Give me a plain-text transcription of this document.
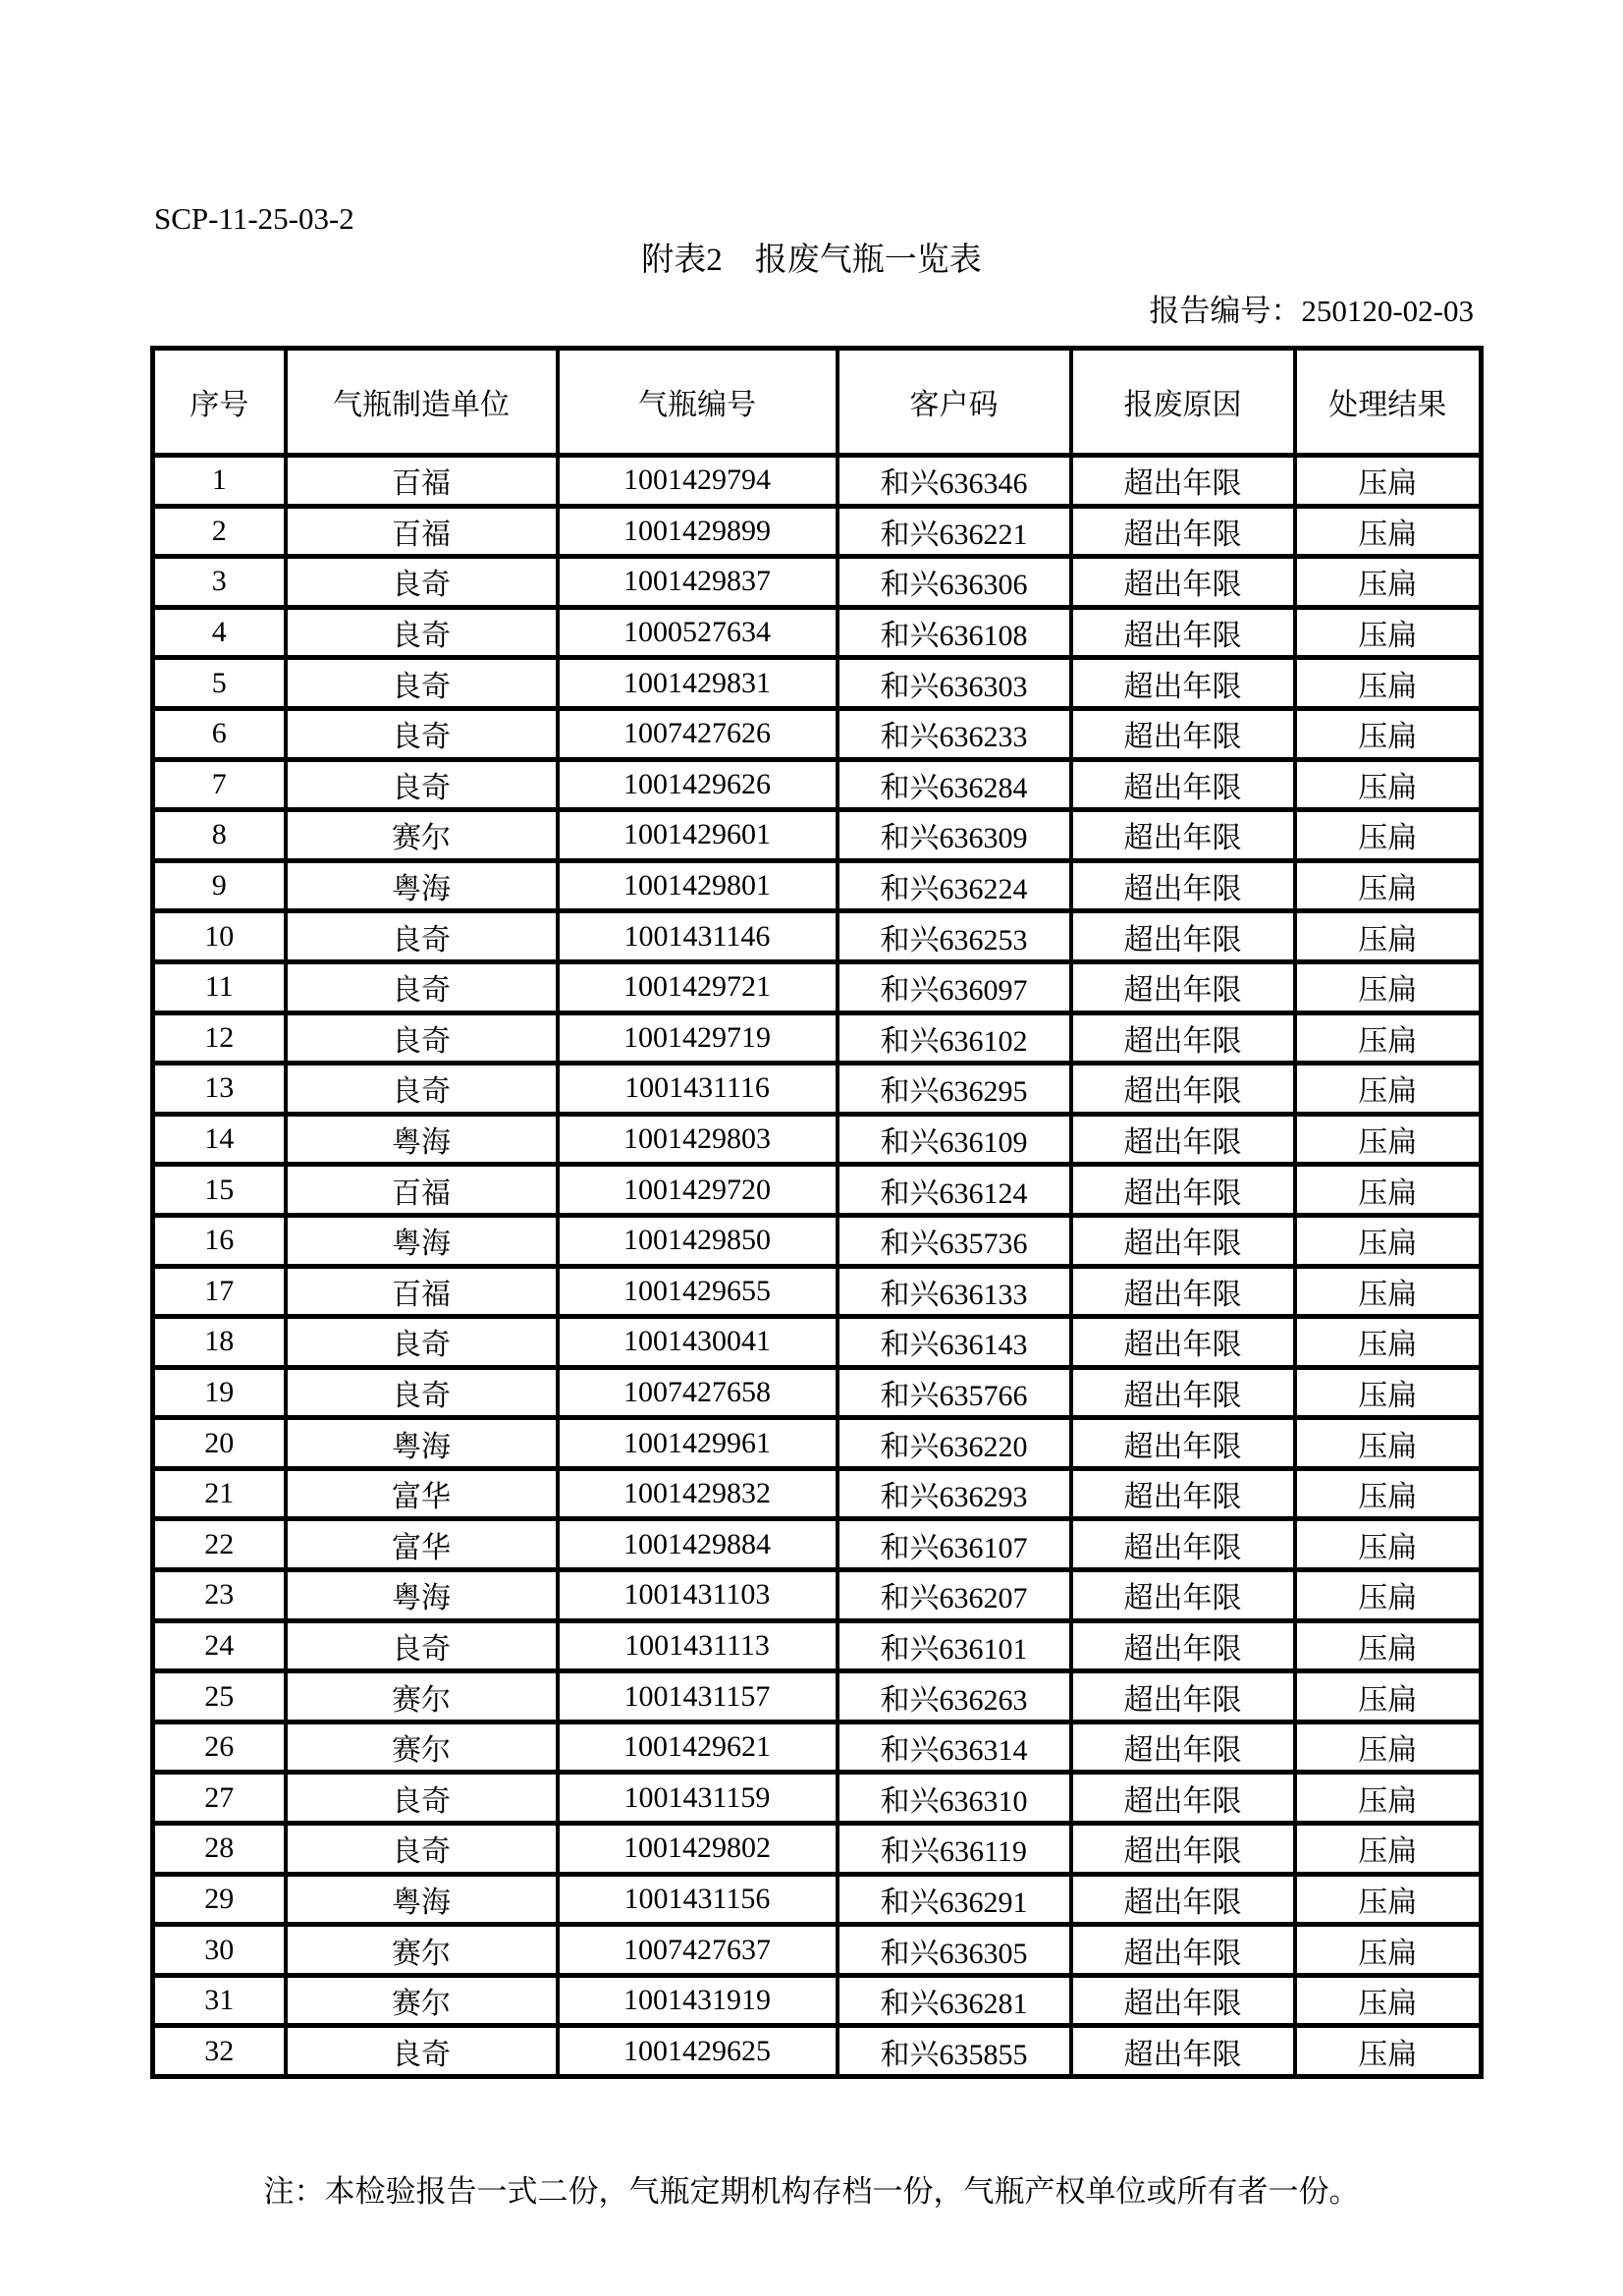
SCP-11-25-03-2
附表2　报废气瓶一览表
报告编号：250120-02-03
序号	气瓶制造单位	气瓶编号	客户码	报废原因	处理结果
1	百福	1001429794	和兴636346	超出年限	压扁
2	百福	1001429899	和兴636221	超出年限	压扁
3	良奇	1001429837	和兴636306	超出年限	压扁
4	良奇	1000527634	和兴636108	超出年限	压扁
5	良奇	1001429831	和兴636303	超出年限	压扁
6	良奇	1007427626	和兴636233	超出年限	压扁
7	良奇	1001429626	和兴636284	超出年限	压扁
8	赛尔	1001429601	和兴636309	超出年限	压扁
9	粤海	1001429801	和兴636224	超出年限	压扁
10	良奇	1001431146	和兴636253	超出年限	压扁
11	良奇	1001429721	和兴636097	超出年限	压扁
12	良奇	1001429719	和兴636102	超出年限	压扁
13	良奇	1001431116	和兴636295	超出年限	压扁
14	粤海	1001429803	和兴636109	超出年限	压扁
15	百福	1001429720	和兴636124	超出年限	压扁
16	粤海	1001429850	和兴635736	超出年限	压扁
17	百福	1001429655	和兴636133	超出年限	压扁
18	良奇	1001430041	和兴636143	超出年限	压扁
19	良奇	1007427658	和兴635766	超出年限	压扁
20	粤海	1001429961	和兴636220	超出年限	压扁
21	富华	1001429832	和兴636293	超出年限	压扁
22	富华	1001429884	和兴636107	超出年限	压扁
23	粤海	1001431103	和兴636207	超出年限	压扁
24	良奇	1001431113	和兴636101	超出年限	压扁
25	赛尔	1001431157	和兴636263	超出年限	压扁
26	赛尔	1001429621	和兴636314	超出年限	压扁
27	良奇	1001431159	和兴636310	超出年限	压扁
28	良奇	1001429802	和兴636119	超出年限	压扁
29	粤海	1001431156	和兴636291	超出年限	压扁
30	赛尔	1007427637	和兴636305	超出年限	压扁
31	赛尔	1001431919	和兴636281	超出年限	压扁
32	良奇	1001429625	和兴635855	超出年限	压扁
注：本检验报告一式二份，气瓶定期机构存档一份，气瓶产权单位或所有者一份。
